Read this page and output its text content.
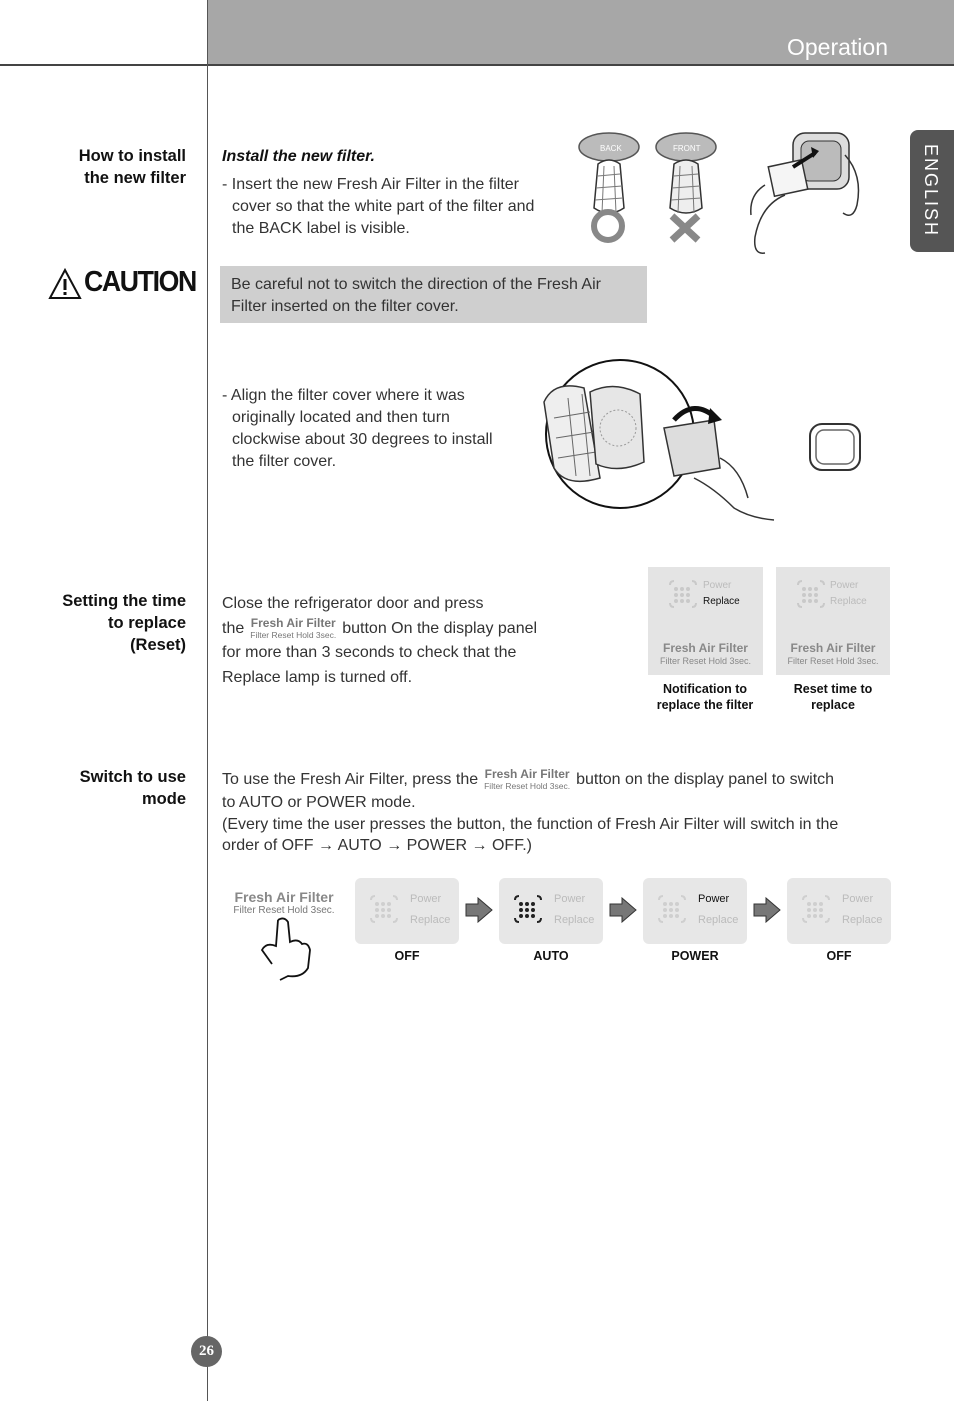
Operation
ENGLISH
How to install
the new filter
Install the new filter.
- Insert the new Fresh Air Filter in the filter cover so that the white part of the filter and the BACK label is visible.
BACK	FRONT
CAUTION	Be careful not to switch the direction of the Fresh Air Filter inserted on the filter cover.
- Align the filter cover where it was originally located and then turn clockwise about 30 degrees to install the filter cover.
Setting the time
to replace
(Reset)
Close the refrigerator door and press
the Fresh Air Filter
Filter Reset Hold 3sec. button On the display panel
for more than 3 seconds to check that the
Replace lamp is turned off.
Power
Replace
Fresh Air Filter
Filter Reset Hold 3sec.
Power
Replace
Fresh Air Filter
Filter Reset Hold 3sec.
Notification to
replace the filter
Reset time to
replace
Switch to use
mode
To use the Fresh Air Filter, press the Fresh Air Filter
Filter Reset Hold 3sec. button on the display panel to switch
to AUTO or POWER mode.
(Every time the user presses the button, the function of Fresh Air Filter will switch in the
order of OFF → AUTO → POWER → OFF.)
Fresh Air Filter
Filter Reset Hold 3sec.
Power
Replace
Power
Replace
Power
Replace
Power
Replace
OFF	AUTO	POWER	OFF
26
